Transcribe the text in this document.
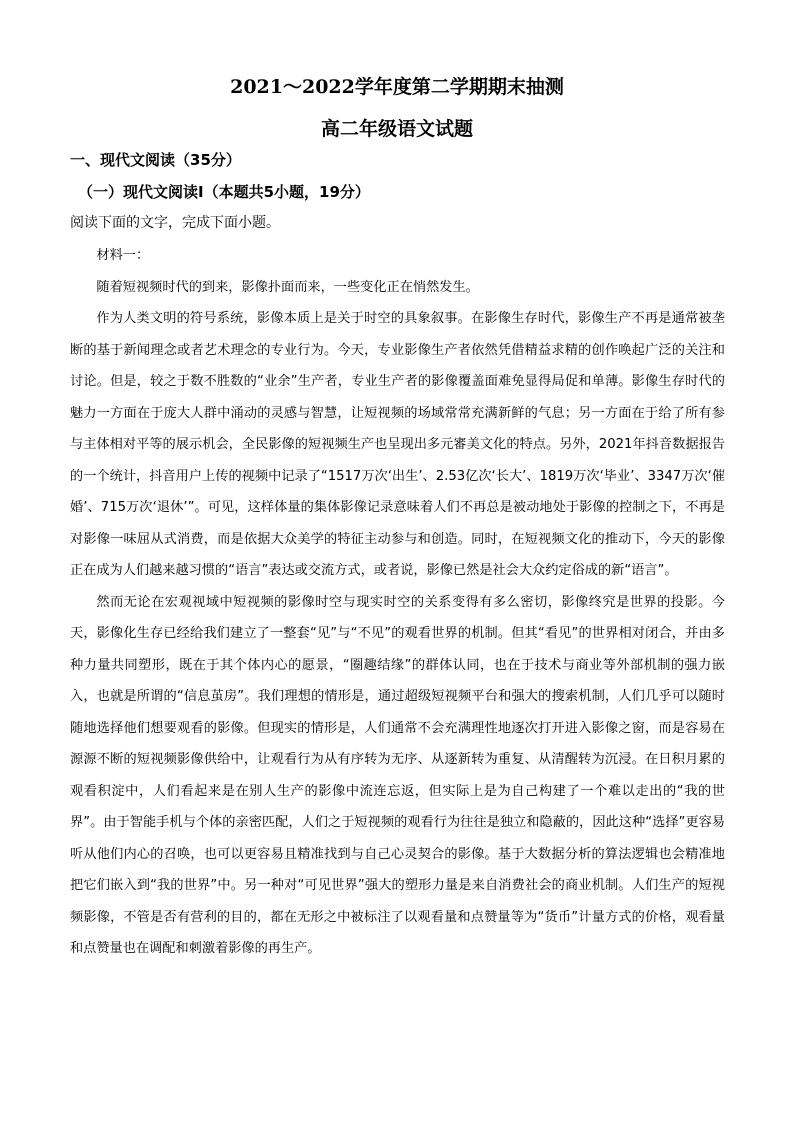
2021～2022学年度第二学期期末抽测
高二年级语文试题
一、现代文阅读（35分）
（一）现代文阅读Ⅰ（本题共5小题，19分）
阅读下面的文字，完成下面小题。

材料一：

随着短视频时代的到来，影像扑面而来，一些变化正在悄然发生。

作为人类文明的符号系统，影像本质上是关于时空的具象叙事。在影像生存时代，影像生产不再是通常被垄断的基于新闻理念或者艺术理念的专业行为。今天，专业影像生产者依然凭借精益求精的创作唤起广泛的关注和讨论。但是，较之于数不胜数的“业余”生产者，专业生产者的影像覆盖面难免显得局促和单薄。影像生存时代的魅力一方面在于庞大人群中涌动的灵感与智慧，让短视频的场域常常充满新鲜的气息；另一方面在于给了所有参与主体相对平等的展示机会，全民影像的短视频生产也呈现出多元審美文化的特点。另外，2021年抖音数据报告的一个统计，抖音用户上传的视频中记录了“1517万次‘出生’、2.53亿次‘长大’、1819万次‘毕业’、3347万次‘催婚’、715万次‘退休’”。可见，这样体量的集体影像记录意味着人们不再总是被动地处于影像的控制之下，不再是对影像一味屈从式消费，而是依据大众美学的特征主动参与和创造。同时，在短视频文化的推动下，今天的影像正在成为人们越来越习惯的“语言”表达或交流方式，或者说，影像已然是社会大众约定俗成的新“语言”。

然而无论在宏观视域中短视频的影像时空与现实时空的关系变得有多么密切，影像终究是世界的投影。今天，影像化生存已经给我们建立了一整套“见”与“不见”的观看世界的机制。但其“看见”的世界相对闭合，并由多种力量共同塑形，既在于其个体内心的愿景，“圈趣结缘”的群体认同，也在于技术与商业等外部机制的强力嵌入，也就是所谓的“信息茧房”。我们理想的情形是，通过超级短视频平台和强大的搜索机制，人们几乎可以随时随地选择他们想要观看的影像。但现实的情形是，人们通常不会充满理性地逐次打开进入影像之窗，而是容易在源源不断的短视频影像供给中，让观看行为从有序转为无序、从逐新转为重复、从清醒转为沉浸。在日积月累的观看积淀中，人们看起来是在别人生产的影像中流连忘返，但实际上是为自己构建了一个难以走出的“我的世界”。由于智能手机与个体的亲密匹配，人们之于短视频的观看行为往往是独立和隐蔽的，因此这种“选择”更容易听从他们内心的召唤，也可以更容易且精准找到与自己心灵契合的影像。基于大数据分析的算法逻辑也会精准地把它们嵌入到“我的世界”中。另一种对“可见世界”强大的塑形力量是来自消费社会的商业机制。人们生产的短视频影像，不管是否有营利的目的，都在无形之中被标注了以观看量和点赞量等为“货币”计量方式的价格，观看量和点赞量也在调配和刺激着影像的再生产。
